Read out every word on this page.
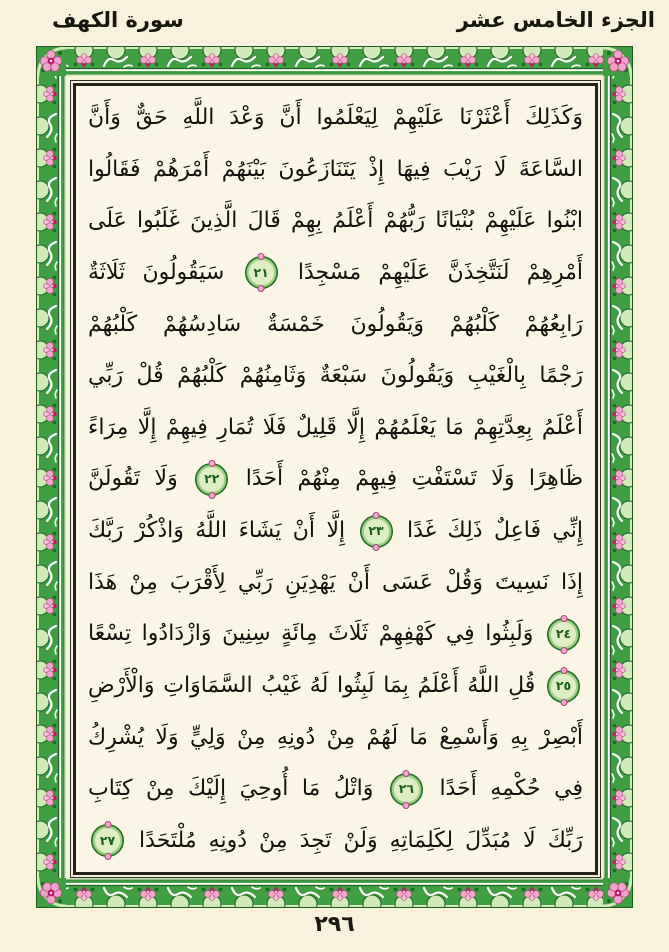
الجزء الخامس عشر
سورة الكهف
وَكَذَلِكَ أَعْثَرْنَا عَلَيْهِمْ لِيَعْلَمُوا أَنَّ وَعْدَ اللَّهِ حَقٌّ وَأَنَّ
السَّاعَةَ لَا رَيْبَ فِيهَا إِذْ يَتَنَازَعُونَ بَيْنَهُمْ أَمْرَهُمْ فَقَالُوا
ابْنُوا عَلَيْهِمْ بُنْيَانًا رَبُّهُمْ أَعْلَمُ بِهِمْ قَالَ الَّذِينَ غَلَبُوا عَلَى
أَمْرِهِمْ لَنَتَّخِذَنَّ عَلَيْهِمْ مَسْجِدًا
٢١
سَيَقُولُونَ ثَلَاثَةٌ
رَابِعُهُمْ كَلْبُهُمْ وَيَقُولُونَ خَمْسَةٌ سَادِسُهُمْ كَلْبُهُمْ
رَجْمًا بِالْغَيْبِ وَيَقُولُونَ سَبْعَةٌ وَثَامِنُهُمْ كَلْبُهُمْ قُلْ رَبِّي
أَعْلَمُ بِعِدَّتِهِمْ مَا يَعْلَمُهُمْ إِلَّا قَلِيلٌ فَلَا تُمَارِ فِيهِمْ إِلَّا مِرَاءً
ظَاهِرًا وَلَا تَسْتَفْتِ فِيهِمْ مِنْهُمْ أَحَدًا
٢٢
وَلَا تَقُولَنَّ
إِنِّي فَاعِلٌ ذَلِكَ غَدًا
٢٣
إِلَّا أَنْ يَشَاءَ اللَّهُ وَاذْكُرْ رَبَّكَ
إِذَا نَسِيتَ وَقُلْ عَسَى أَنْ يَهْدِيَنِ رَبِّي لِأَقْرَبَ مِنْ هَذَا
٢٤
وَلَبِثُوا فِي كَهْفِهِمْ ثَلَاثَ مِائَةٍ سِنِينَ وَازْدَادُوا تِسْعًا
٢٥
قُلِ اللَّهُ أَعْلَمُ بِمَا لَبِثُوا لَهُ غَيْبُ السَّمَاوَاتِ وَالْأَرْضِ
أَبْصِرْ بِهِ وَأَسْمِعْ مَا لَهُمْ مِنْ دُونِهِ مِنْ وَلِيٍّ وَلَا يُشْرِكُ
فِي حُكْمِهِ أَحَدًا
٢٦
وَاتْلُ مَا أُوحِيَ إِلَيْكَ مِنْ كِتَابِ
رَبِّكَ لَا مُبَدِّلَ لِكَلِمَاتِهِ وَلَنْ تَجِدَ مِنْ دُونِهِ مُلْتَحَدًا
٢٧
٢٩٦
